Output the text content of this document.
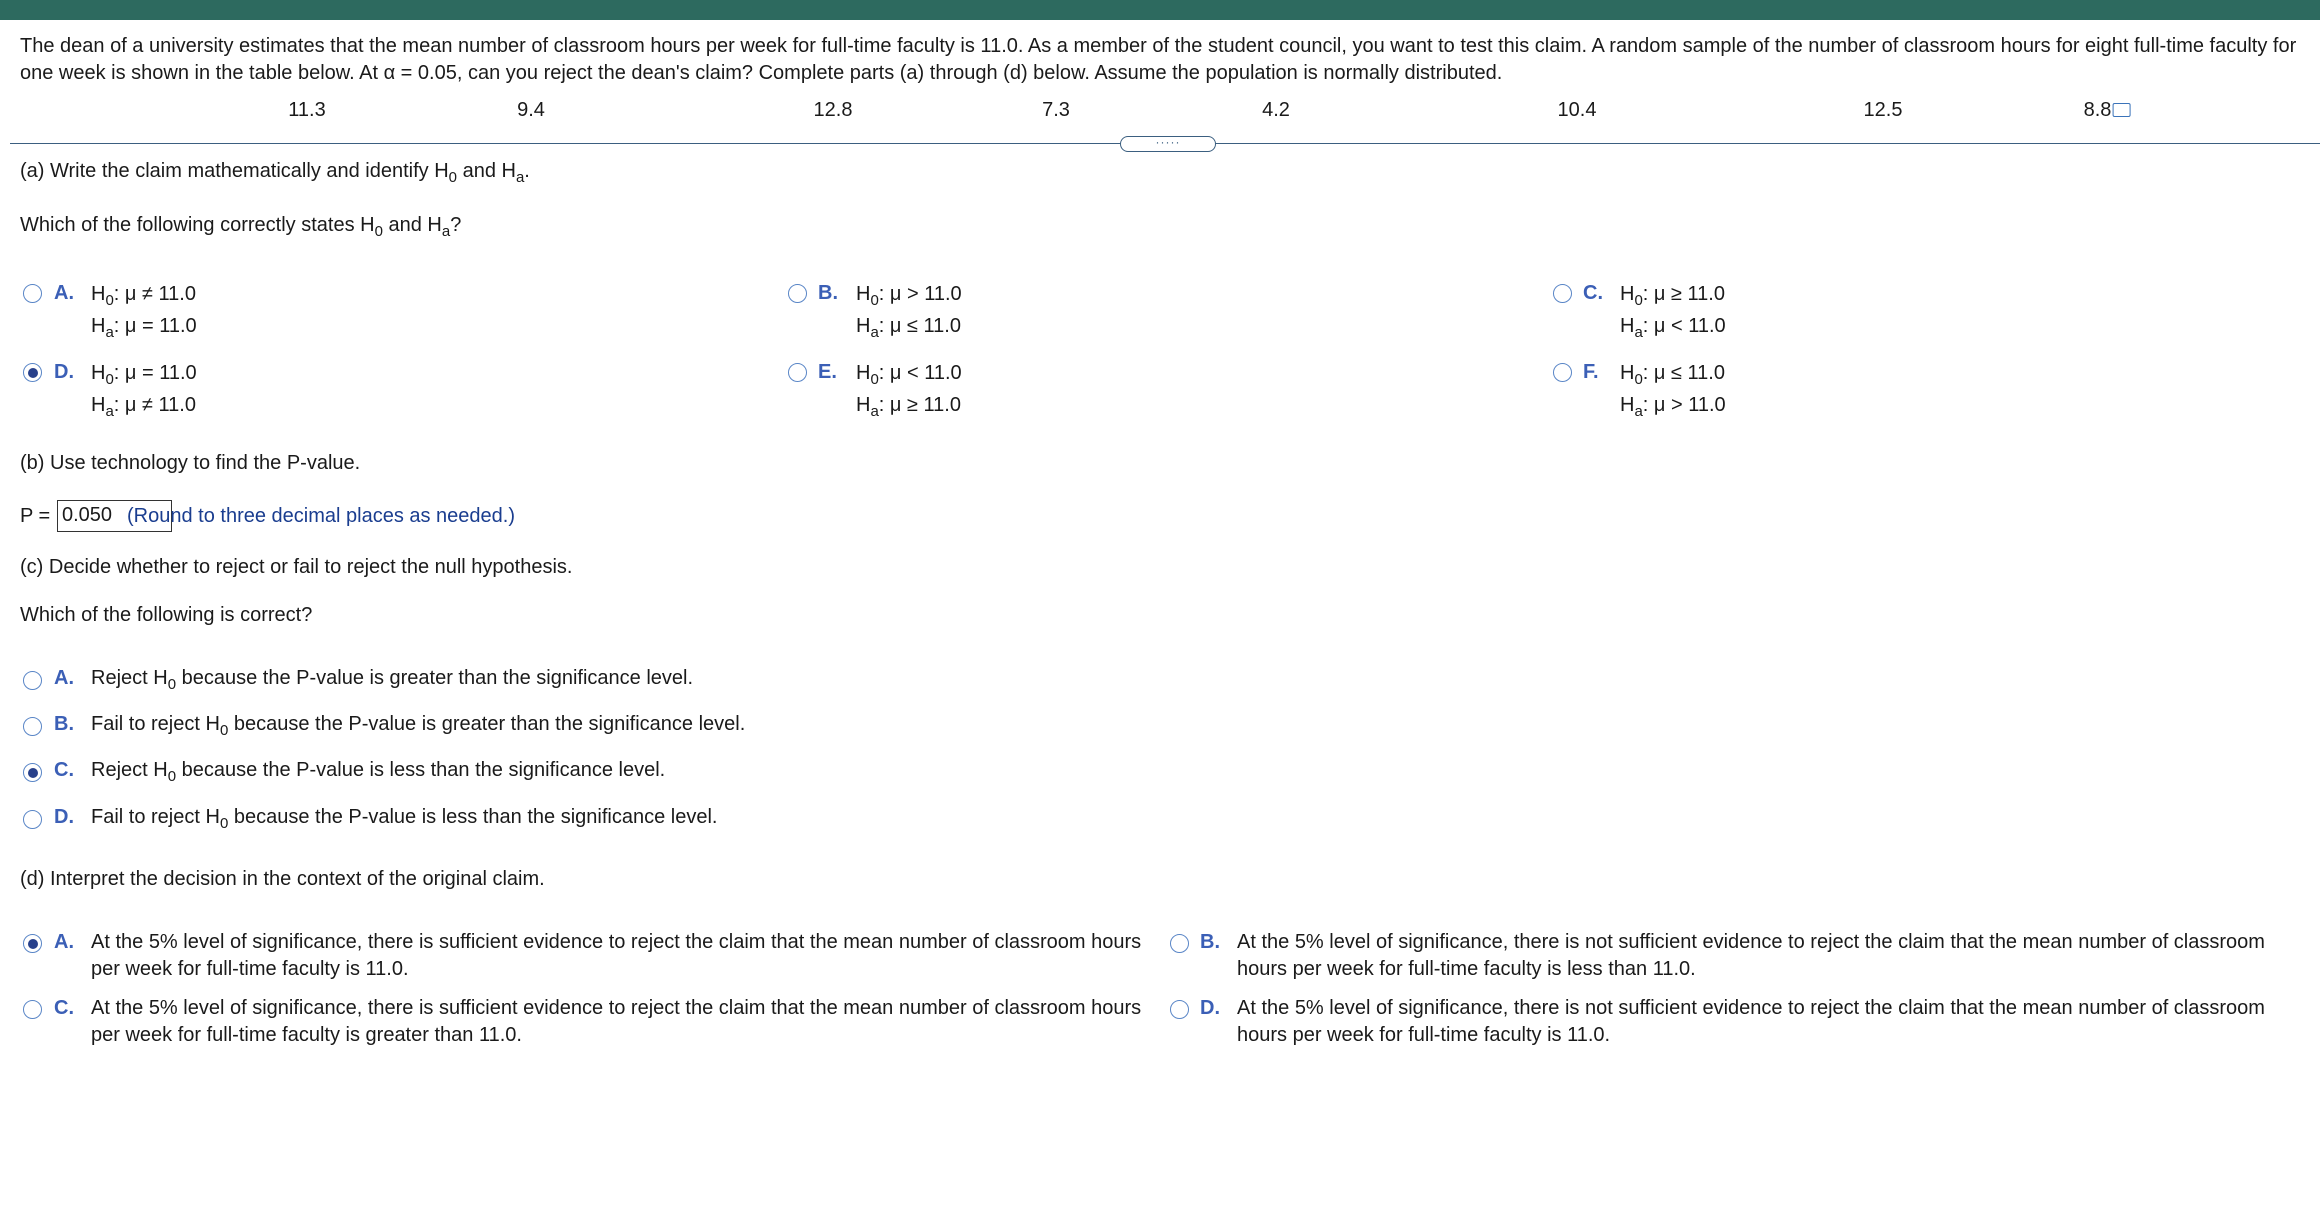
The dean of a university estimates that the mean number of classroom hours per week for full-time faculty is 11.0. As a member of the student council, you want to test this claim. A random sample of the number of classroom hours for eight full-time faculty for one week is shown in the table below. At α = 0.05, can you reject the dean's claim? Complete parts (a) through (d) below. Assume the population is normally distributed.
11.3	9.4	12.8	7.3	4.2	10.4	12.5	8.8
·····
(a) Write the claim mathematically and identify $H_0$ and $H_a$.
Which of the following correctly states $H_0$ and $H_a$?
A. $H_0$: μ ≠ 11.0
$H_a$: μ = 11.0
B. $H_0$: μ > 11.0
$H_a$: μ ≤ 11.0
C. $H_0$: μ ≥ 11.0
$H_a$: μ < 11.0
D. $H_0$: μ = 11.0
$H_a$: μ ≠ 11.0
E. $H_0$: μ < 11.0
$H_a$: μ ≥ 11.0
F. $H_0$: μ ≤ 11.0
$H_a$: μ > 11.0
(b) Use technology to find the P-value.
P = 0.050 (Round to three decimal places as needed.)
(c) Decide whether to reject or fail to reject the null hypothesis.
Which of the following is correct?
A. Reject $H_0$ because the P-value is greater than the significance level.
B. Fail to reject $H_0$ because the P-value is greater than the significance level.
C. Reject $H_0$ because the P-value is less than the significance level.
D. Fail to reject $H_0$ because the P-value is less than the significance level.
(d) Interpret the decision in the context of the original claim.
A. At the 5% level of significance, there is sufficient evidence to reject the claim that the mean number of classroom hours per week for full-time faculty is 11.0.
B. At the 5% level of significance, there is not sufficient evidence to reject the claim that the mean number of classroom hours per week for full-time faculty is less than 11.0.
C. At the 5% level of significance, there is sufficient evidence to reject the claim that the mean number of classroom hours per week for full-time faculty is greater than 11.0.
D. At the 5% level of significance, there is not sufficient evidence to reject the claim that the mean number of classroom hours per week for full-time faculty is 11.0.
